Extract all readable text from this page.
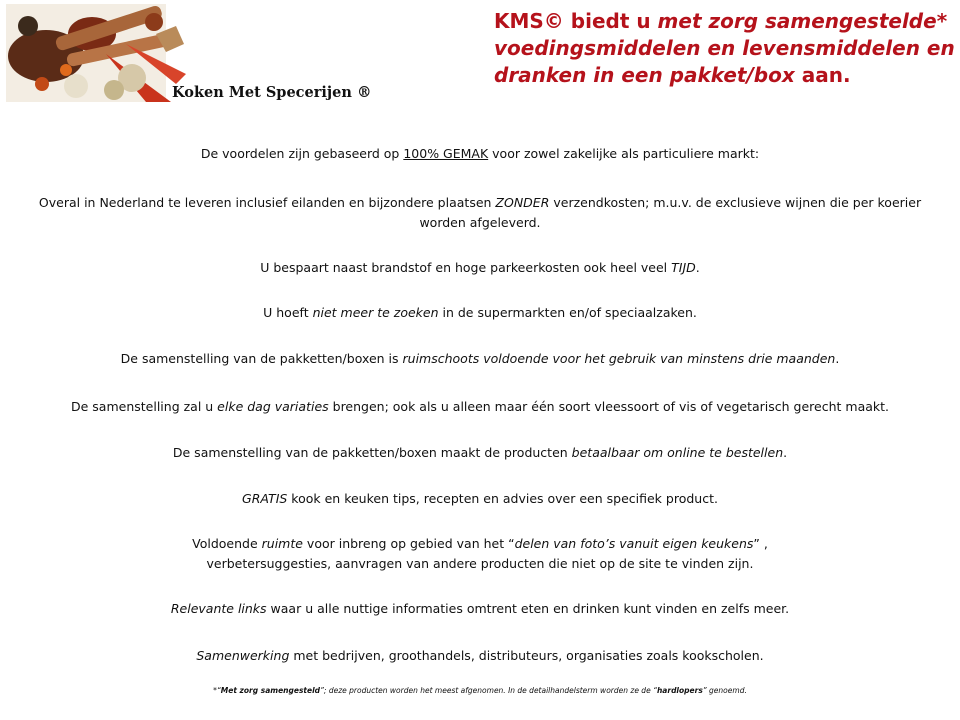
Koken Met Specerijen ®
KMS© biedt u met zorg samengestelde* voedingsmiddelen en levensmiddelen en dranken in een pakket/box aan.

De voordelen zijn gebaseerd op 100% GEMAK voor zowel zakelijke als particuliere markt:

Overal in Nederland te leveren inclusief eilanden en bijzondere plaatsen ZONDER verzendkosten; m.u.v. de exclusieve wijnen die per koerier worden afgeleverd.

U bespaart naast brandstof en hoge parkeerkosten ook heel veel TIJD.

U hoeft niet meer te zoeken in de supermarkten en/of speciaalzaken.

De samenstelling van de pakketten/boxen is ruimschoots voldoende voor het gebruik van minstens drie maanden.

De samenstelling zal u elke dag variaties brengen; ook als u alleen maar één soort vleessoort of vis of vegetarisch gerecht maakt.

De samenstelling van de pakketten/boxen maakt de producten betaalbaar om online te bestellen.

GRATIS kook en keuken tips, recepten en advies over een specifiek product.

Voldoende ruimte voor inbreng op gebied van het “delen van foto’s vanuit eigen keukens” , verbetersuggesties, aanvragen van andere producten die niet op de site te vinden zijn.

Relevante links waar u alle nuttige informaties omtrent eten en drinken kunt vinden en zelfs meer.

Samenwerking met bedrijven, groothandels, distributeurs, organisaties zoals kookscholen.

*“Met zorg samengesteld”; deze producten worden het meest afgenomen. In de detailhandelsterm worden ze de “hardlopers” genoemd.
